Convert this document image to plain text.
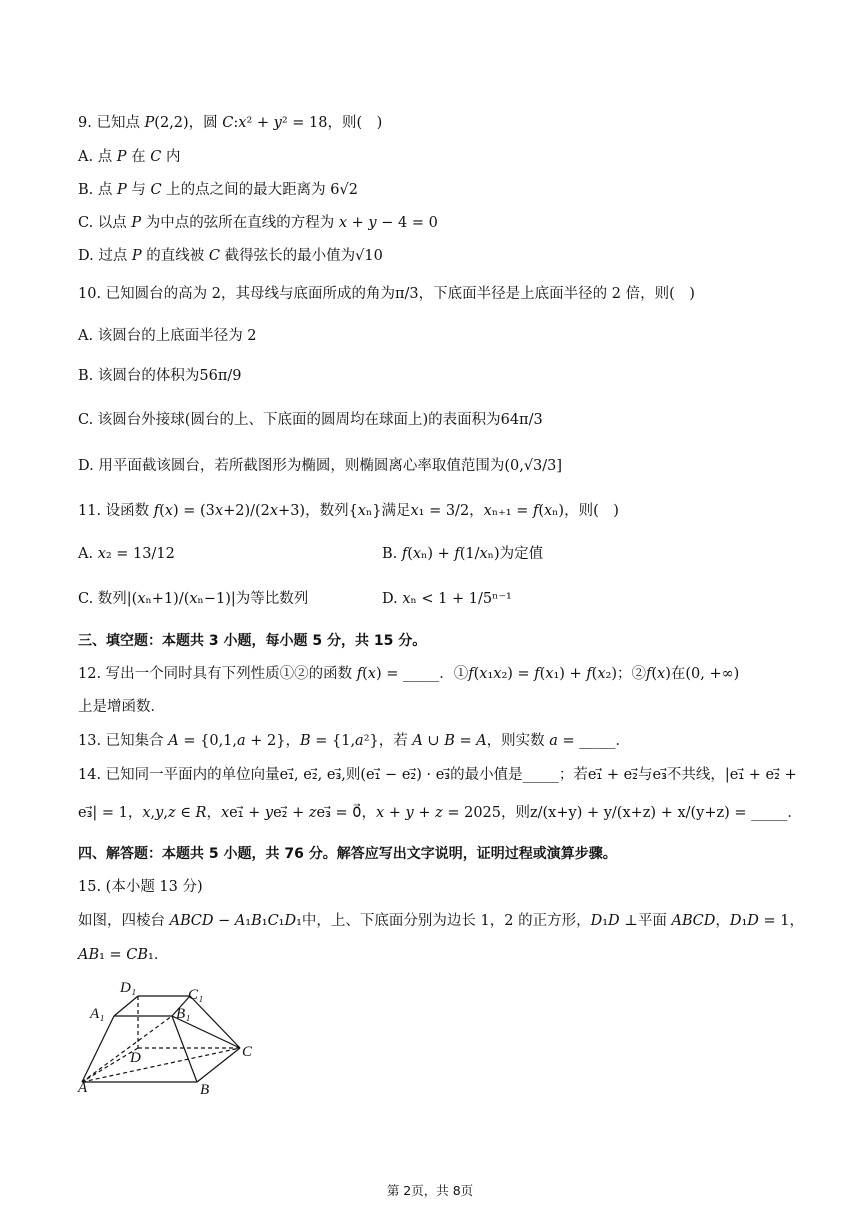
9. 已知点 𝑃(2,2)，圆 𝐶:𝑥² + 𝑦² = 18，则(　)
A. 点 𝑃 在 𝐶 内
B. 点 𝑃 与 𝐶 上的点之间的最大距离为 6√2
C. 以点 𝑃 为中点的弦所在直线的方程为 𝑥 + 𝑦 − 4 = 0
D. 过点 𝑃 的直线被 𝐶 截得弦长的最小值为√10
10. 已知圆台的高为 2，其母线与底面所成的角为π/3，下底面半径是上底面半径的 2 倍，则(　)
A. 该圆台的上底面半径为 2
B. 该圆台的体积为56π/9
C. 该圆台外接球(圆台的上、下底面的圆周均在球面上)的表面积为64π/3
D. 用平面截该圆台，若所截图形为椭圆，则椭圆离心率取值范围为(0,√3/3]
11. 设函数 𝑓(𝑥) = (3𝑥+2)/(2𝑥+3)，数列{𝑥ₙ}满足𝑥₁ = 3/2，𝑥ₙ₊₁ = 𝑓(𝑥ₙ)，则(　)
A. 𝑥₂ = 13/12	B. 𝑓(𝑥ₙ) + 𝑓(1/𝑥ₙ)为定值
C. 数列|(𝑥ₙ+1)/(𝑥ₙ−1)|为等比数列	D. 𝑥ₙ < 1 + 1/5ⁿ⁻¹
三、填空题：本题共 3 小题，每小题 5 分，共 15 分。
12. 写出一个同时具有下列性质①②的函数 𝑓(𝑥) = _____．①𝑓(𝑥₁𝑥₂) = 𝑓(𝑥₁) + 𝑓(𝑥₂)；②𝑓(𝑥)在(0, +∞)
上是增函数．
13. 已知集合 𝐴 = {0,1,𝑎 + 2}，𝐵 = {1,𝑎²}，若 𝐴 ∪ 𝐵 = 𝐴，则实数 𝑎 = _____．
14. 已知同一平面内的单位向量e₁⃗, e₂⃗, e₃⃗,则(e₁⃗ − e₂⃗) · e₃⃗的最小值是_____；若e₁⃗ + e₂⃗与e₃⃗不共线，|e₁⃗ + e₂⃗ +
e₃⃗| = 1，𝑥,𝑦,𝑧 ∈ 𝑅，𝑥e₁⃗ + 𝑦e₂⃗ + 𝑧e₃⃗ = 0⃗，𝑥 + 𝑦 + 𝑧 = 2025，则z/(x+y) + y/(x+z) + x/(y+z) = _____．
四、解答题：本题共 5 小题，共 76 分。解答应写出文字说明，证明过程或演算步骤。
15. (本小题 13 分)
如图，四棱台 𝐴𝐵𝐶𝐷 − 𝐴₁𝐵₁𝐶₁𝐷₁中，上、下底面分别为边长 1，2 的正方形，𝐷₁𝐷 ⊥平面 𝐴𝐵𝐶𝐷，𝐷₁𝐷 = 1，
𝐴𝐵₁ = 𝐶𝐵₁．
D₁	C₁
A₁	B₁
D	C
A	B
第 2页，共 8页
